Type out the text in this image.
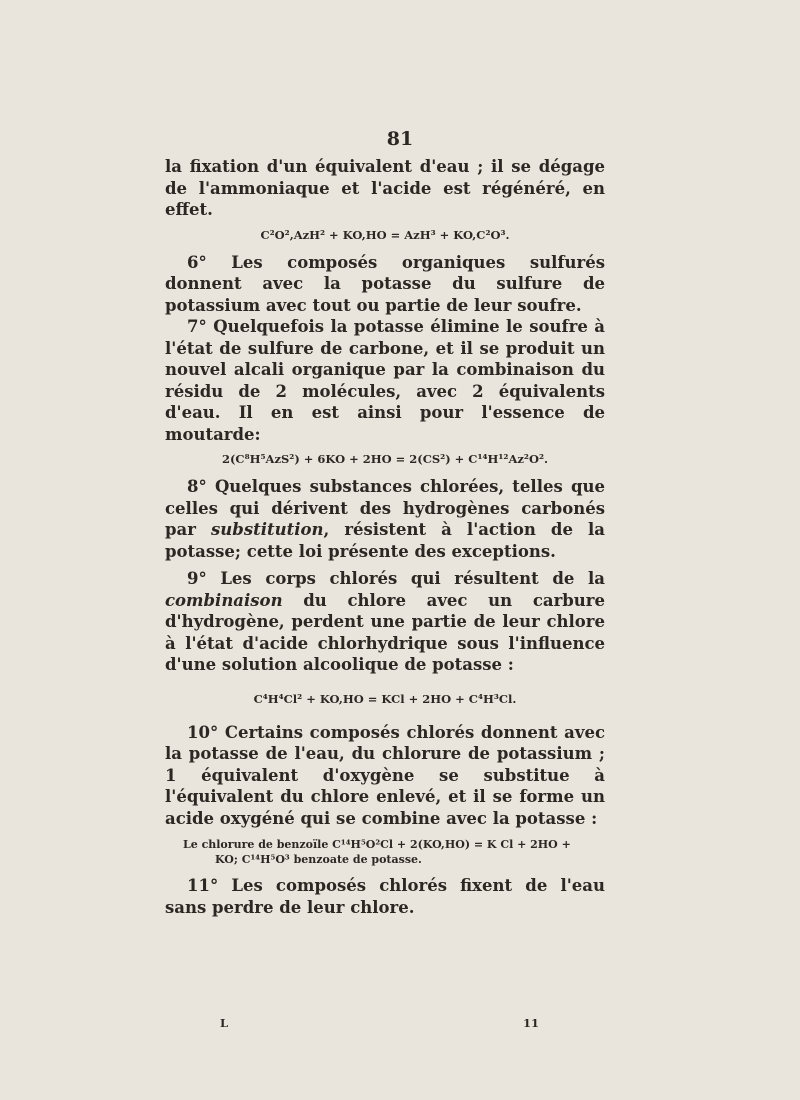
81

la fixation d'un équivalent d'eau ; il se dégage de l'ammoniaque et l'acide est régénéré, en effet.

C²O²,AzH² + KO,HO = AzH³ + KO,C²O³.

6° Les composés organiques sulfurés donnent avec la potasse du sulfure de potassium avec tout ou partie de leur soufre.

7° Quelquefois la potasse élimine le soufre à l'état de sulfure de carbone, et il se produit un nouvel alcali organique par la combinaison du résidu de 2 molécules, avec 2 équivalents d'eau. Il en est ainsi pour l'essence de moutarde:

2(C⁸H⁵AzS²) + 6KO + 2HO = 2(CS²) + C¹⁴H¹²Az²O².

8° Quelques substances chlorées, telles que celles qui dérivent des hydrogènes carbonés par substitution, résistent à l'action de la potasse; cette loi présente des exceptions.

9° Les corps chlorés qui résultent de la combinaison du chlore avec un carbure d'hydrogène, perdent une partie de leur chlore à l'état d'acide chlorhydrique sous l'influence d'une solution alcoolique de potasse :

C⁴H⁴Cl² + KO,HO = KCl + 2HO + C⁴H³Cl.

10° Certains composés chlorés donnent avec la potasse de l'eau, du chlorure de potassium ; 1 équivalent d'oxygène se substitue à l'équivalent du chlore enlevé, et il se forme un acide oxygéné qui se combine avec la potasse :

Le chlorure de benzoïle C¹⁴H⁵O²Cl + 2(KO,HO) = K Cl + 2HO +
KO; C¹⁴H⁵O³ benzoate de potasse.

11° Les composés chlorés fixent de l'eau sans perdre de leur chlore.

L	11
